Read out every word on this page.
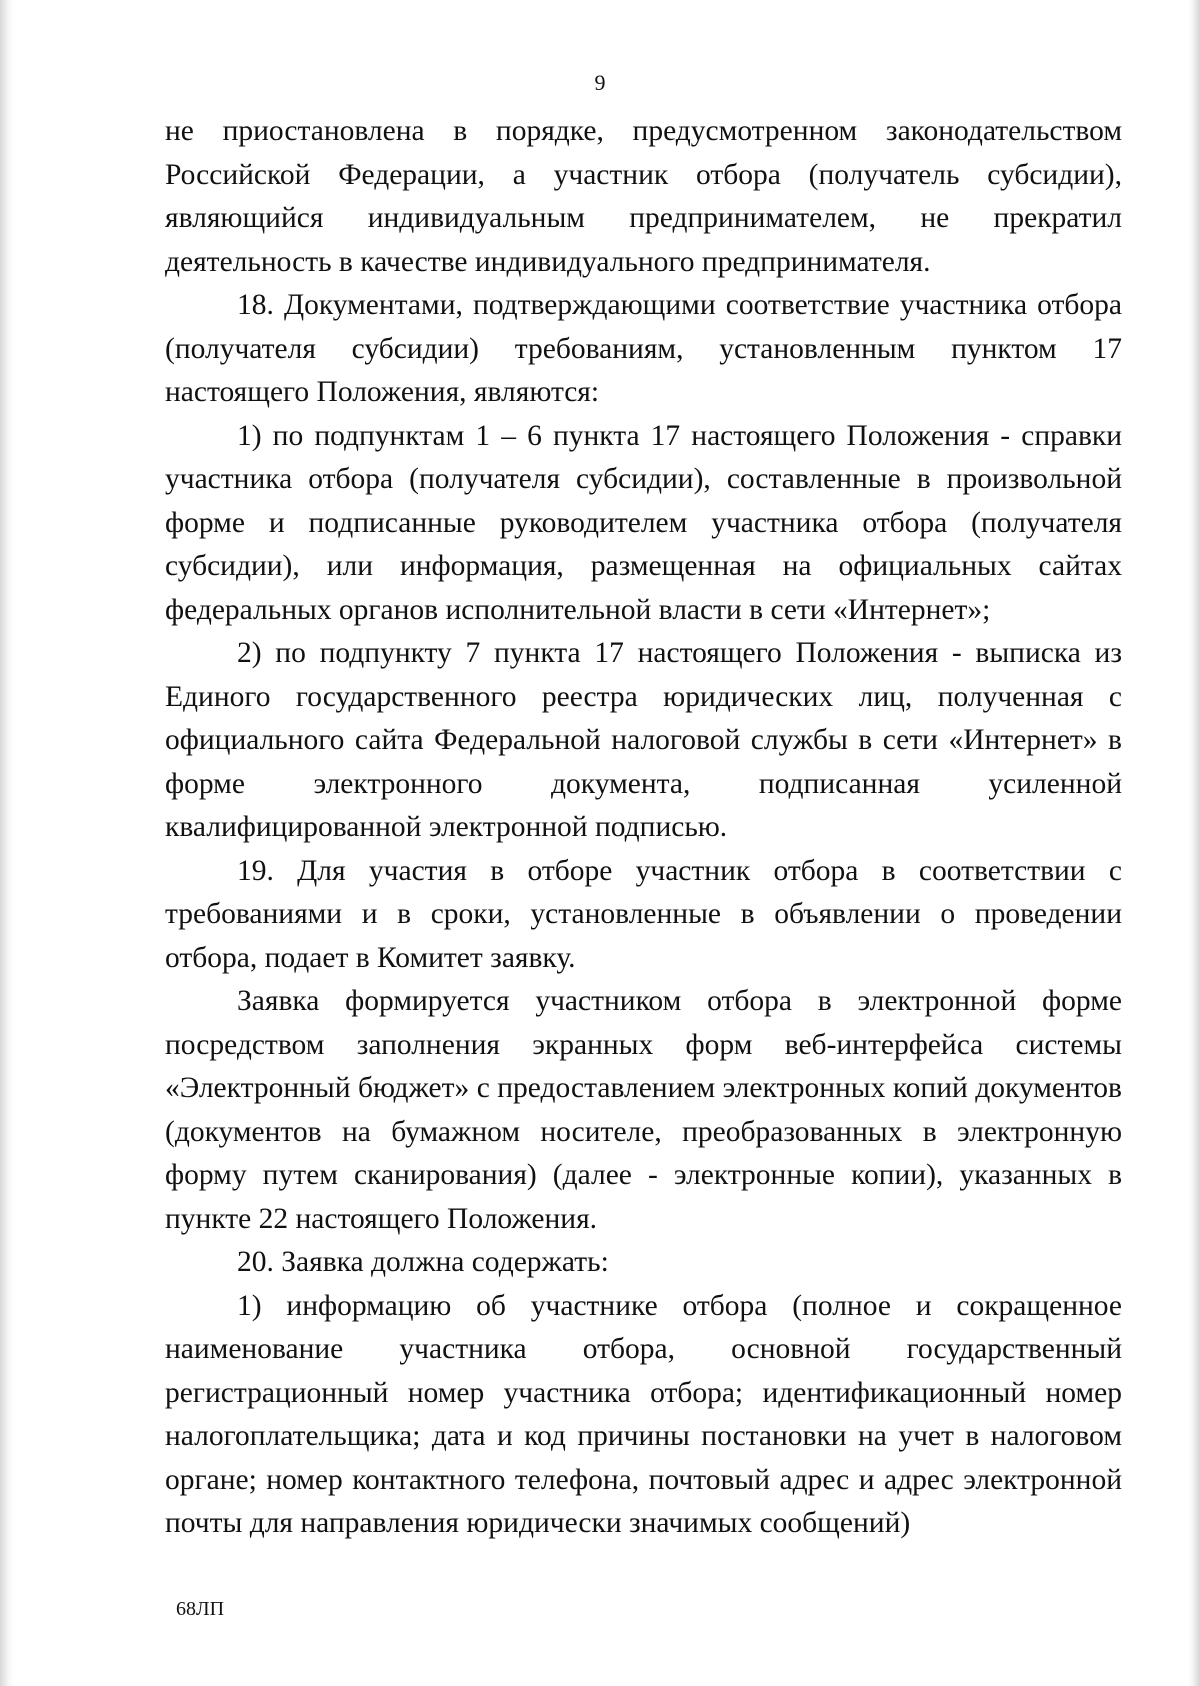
9

не приостановлена в порядке, предусмотренном законодательством Российской Федерации, а участник отбора (получатель субсидии), являющийся индивидуальным предпринимателем, не прекратил деятельность в качестве индивидуального предпринимателя.

18. Документами, подтверждающими соответствие участника отбора (получателя субсидии) требованиям, установленным пунктом 17 настоящего Положения, являются:

1) по подпунктам 1 – 6 пункта 17 настоящего Положения - справки участника отбора (получателя субсидии), составленные в произвольной форме и подписанные руководителем участника отбора (получателя субсидии), или информация, размещенная на официальных сайтах федеральных органов исполнительной власти в сети «Интернет»;

2) по подпункту 7 пункта 17 настоящего Положения - выписка из Единого государственного реестра юридических лиц, полученная с официального сайта Федеральной налоговой службы в сети «Интернет» в форме электронного документа, подписанная усиленной квалифицированной электронной подписью.

19. Для участия в отборе участник отбора в соответствии с требованиями и в сроки, установленные в объявлении о проведении отбора, подает в Комитет заявку.

Заявка формируется участником отбора в электронной форме посредством заполнения экранных форм веб-интерфейса системы «Электронный бюджет» с предоставлением электронных копий документов (документов на бумажном носителе, преобразованных в электронную форму путем сканирования) (далее - электронные копии), указанных в пункте 22 настоящего Положения.

20. Заявка должна содержать:

1) информацию об участнике отбора (полное и сокращенное наименование участника отбора, основной государственный регистрационный номер участника отбора; идентификационный номер налогоплательщика; дата и код причины постановки на учет в налоговом органе; номер контактного телефона, почтовый адрес и адрес электронной почты для направления юридически значимых сообщений)

68ЛП
